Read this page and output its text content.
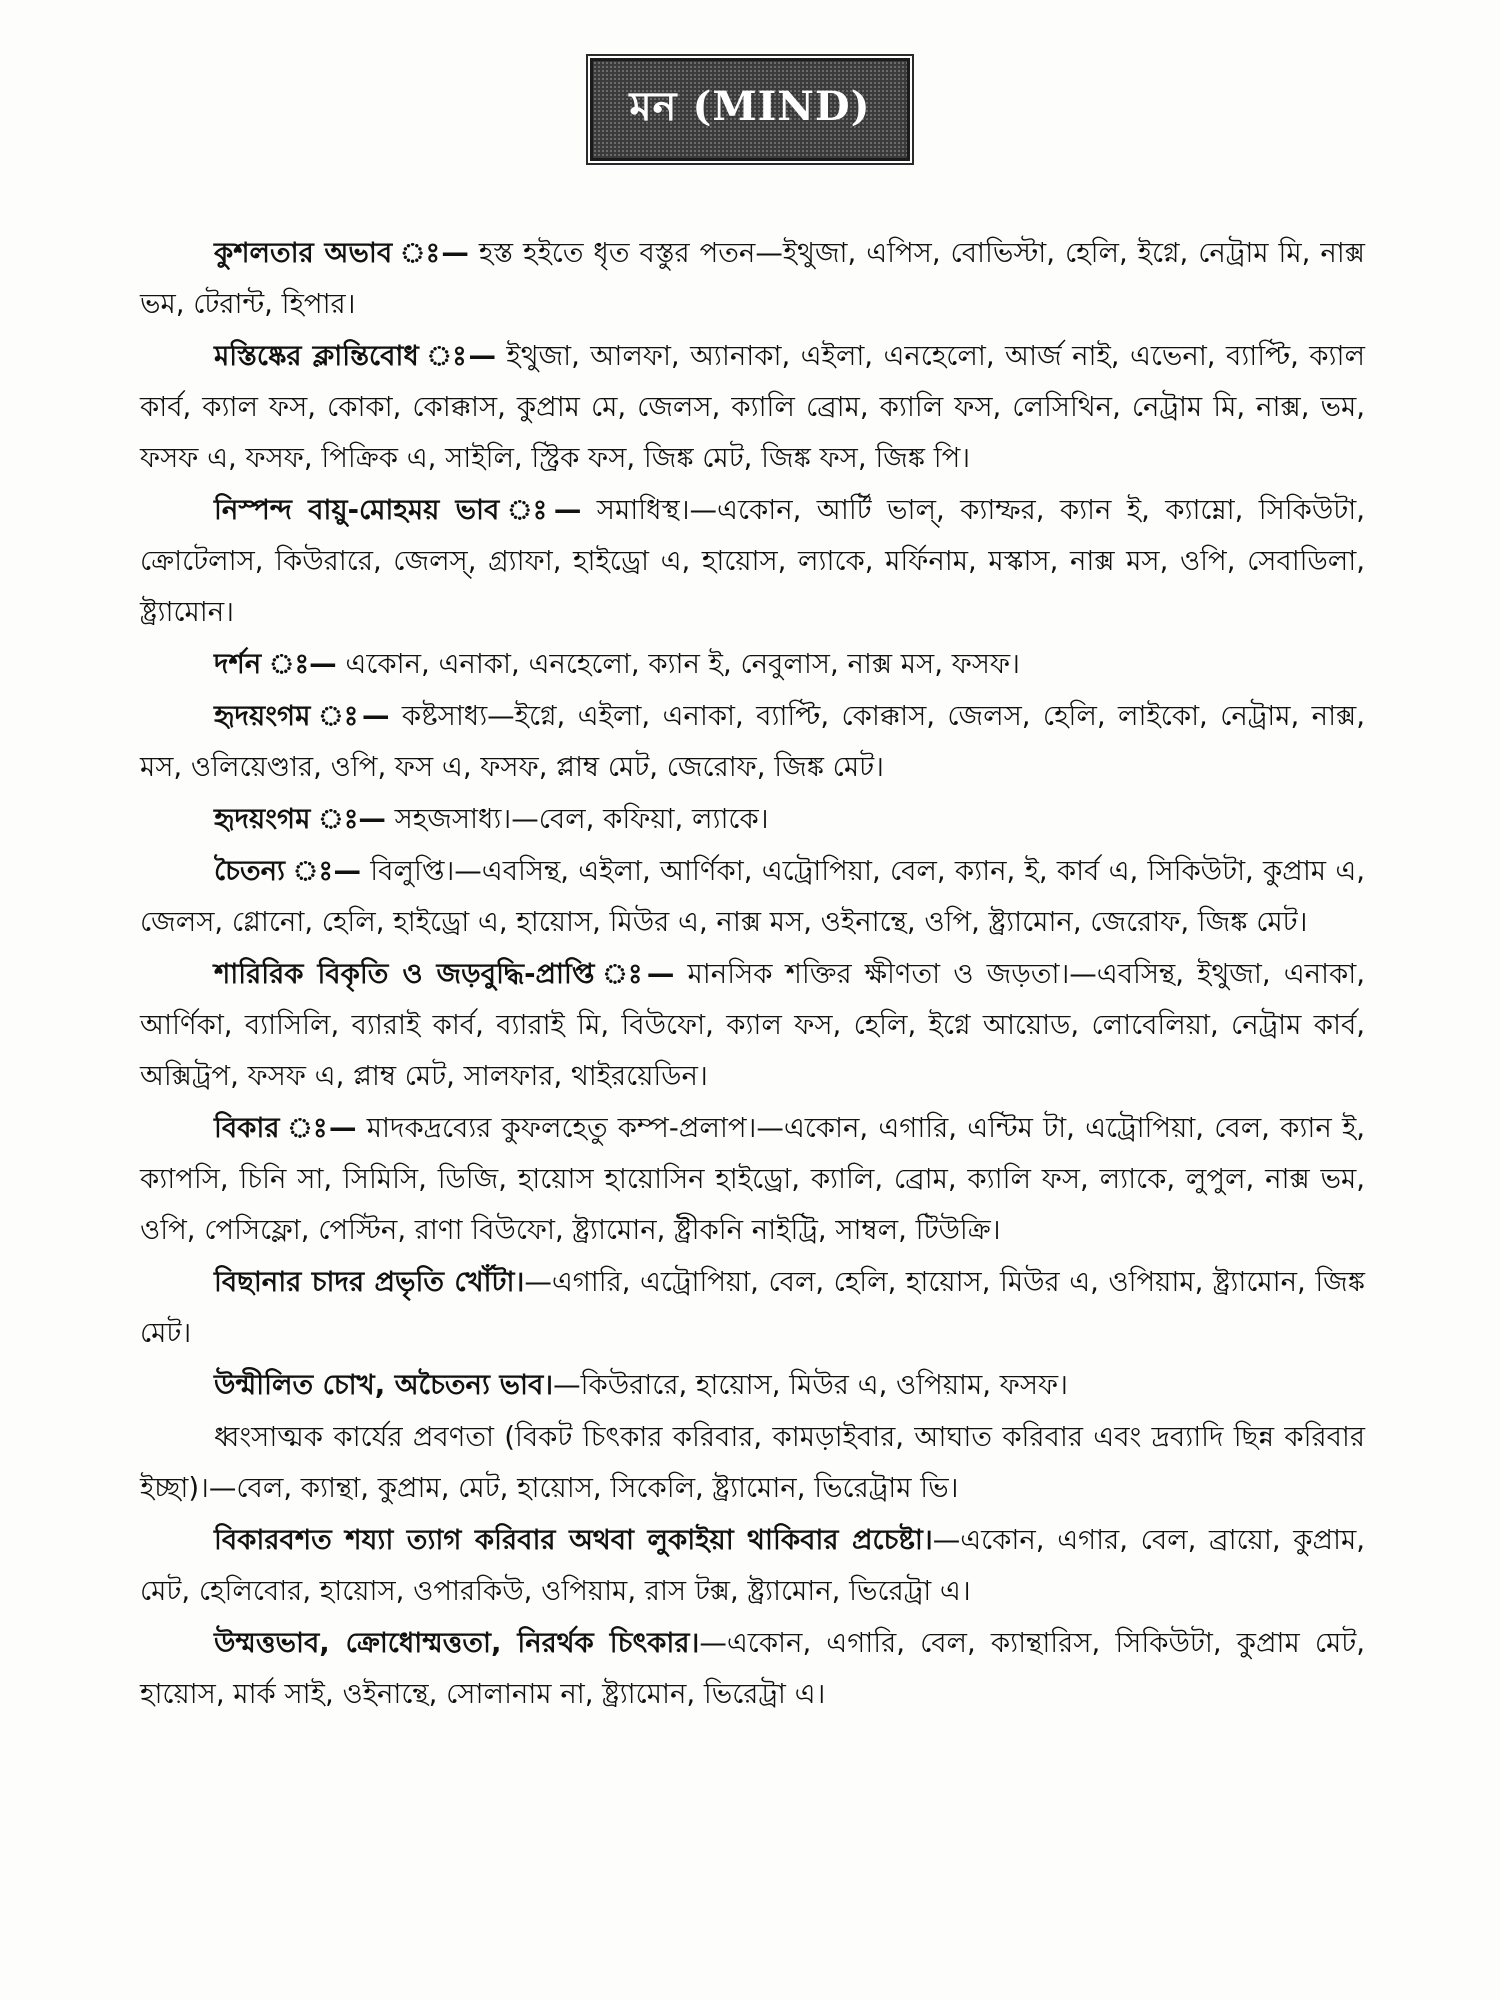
মন (MIND)

কুশলতার অভাব ঃ— হস্ত হইতে ধৃত বস্তুর পতন—ইথুজা, এপিস, বোভিস্টা, হেলি, ইগ্নে, নেট্রাম মি, নাক্স ভম, টেরান্ট, হিপার।

মস্তিষ্কের ক্লান্তিবোধ ঃ— ইথুজা, আলফা, অ্যানাকা, এইলা, এনহেলো, আর্জ নাই, এভেনা, ব্যাপ্টি, ক্যাল কার্ব, ক্যাল ফস, কোকা, কোক্কাস, কুপ্রাম মে, জেলস, ক্যালি ব্রোম, ক্যালি ফস, লেসিথিন, নেট্রাম মি, নাক্স, ভম, ফসফ এ, ফসফ, পিক্রিক এ, সাইলি, স্ট্রিক ফস, জিঙ্ক মেট, জিঙ্ক ফস, জিঙ্ক পি।

নিস্পন্দ বায়ু-মোহময় ভাব ঃ— সমাধিস্থ।—একোন, আর্টি ভাল্, ক্যাম্ফর, ক্যান ই, ক্যাম্নো, সিকিউটা, ক্রোটেলাস, কিউরারে, জেলস্, গ্র্যাফা, হাইড্রো এ, হায়োস, ল্যাকে, মর্ফিনাম, মস্কাস, নাক্স মস, ওপি, সেবাডিলা, ষ্ট্র্যামোন।

দর্শন ঃ— একোন, এনাকা, এনহেলো, ক্যান ই, নেবুলাস, নাক্স মস, ফসফ।

হৃদয়ংগম ঃ— কষ্টসাধ্য—ইগ্নে, এইলা, এনাকা, ব্যাপ্টি, কোক্কাস, জেলস, হেলি, লাইকো, নেট্রাম, নাক্স, মস, ওলিয়েণ্ডার, ওপি, ফস এ, ফসফ, প্লাম্ব মেট, জেরোফ, জিঙ্ক মেট।

হৃদয়ংগম ঃ— সহজসাধ্য।—বেল, কফিয়া, ল্যাকে।

চৈতন্য ঃ— বিলুপ্তি।—এবসিন্থ, এইলা, আর্ণিকা, এট্রোপিয়া, বেল, ক্যান, ই, কার্ব এ, সিকিউটা, কুপ্রাম এ, জেলস, গ্লোনো, হেলি, হাইড্রো এ, হায়োস, মিউর এ, নাক্স মস, ওইনান্থে, ওপি, ষ্ট্র্যামোন, জেরোফ, জিঙ্ক মেট।

শারিরিক বিকৃতি ও জড়বুদ্ধি-প্রাপ্তি ঃ— মানসিক শক্তির ক্ষীণতা ও জড়তা।—এবসিন্থ, ইথুজা, এনাকা, আর্ণিকা, ব্যাসিলি, ব্যারাই কার্ব, ব্যারাই মি, বিউফো, ক্যাল ফস, হেলি, ইগ্নে আয়োড, লোবেলিয়া, নেট্রাম কার্ব, অক্সিট্রপ, ফসফ এ, প্লাম্ব মেট, সালফার, থাইরয়েডিন।

বিকার ঃ— মাদকদ্রব্যের কুফলহেতু কম্প-প্রলাপ।—একোন, এগারি, এন্টিম টা, এট্রোপিয়া, বেল, ক্যান ই, ক্যাপসি, চিনি সা, সিমিসি, ডিজি, হায়োস হায়োসিন হাইড্রো, ক্যালি, ব্রোম, ক্যালি ফস, ল্যাকে, লুপুল, নাক্স ভম, ওপি, পেসিফ্লো, পেস্টিন, রাণা বিউফো, ষ্ট্র্যামোন, ষ্ট্রীকনি নাইট্রি, সাম্বল, টিউক্রি।

বিছানার চাদর প্রভৃতি খোঁটা।—এগারি, এট্রোপিয়া, বেল, হেলি, হায়োস, মিউর এ, ওপিয়াম, ষ্ট্র্যামোন, জিঙ্ক মেট।

উন্মীলিত চোখ, অচৈতন্য ভাব।—কিউরারে, হায়োস, মিউর এ, ওপিয়াম, ফসফ।

ধ্বংসাত্মক কার্যের প্রবণতা (বিকট চিৎকার করিবার, কামড়াইবার, আঘাত করিবার এবং দ্রব্যাদি ছিন্ন করিবার ইচ্ছা)।—বেল, ক্যান্থা, কুপ্রাম, মেট, হায়োস, সিকেলি, ষ্ট্র্যামোন, ভিরেট্রাম ভি।

বিকারবশত শয্যা ত্যাগ করিবার অথবা লুকাইয়া থাকিবার প্রচেষ্টা।—একোন, এগার, বেল, ব্রায়ো, কুপ্রাম, মেট, হেলিবোর, হায়োস, ওপারকিউ, ওপিয়াম, রাস টক্স, ষ্ট্র্যামোন, ভিরেট্রা এ।

উম্মত্তভাব, ক্রোধোম্মত্ততা, নিরর্থক চিৎকার।—একোন, এগারি, বেল, ক্যান্থারিস, সিকিউটা, কুপ্রাম মেট, হায়োস, মার্ক সাই, ওইনান্থে, সোলানাম না, ষ্ট্র্যামোন, ভিরেট্রা এ।
